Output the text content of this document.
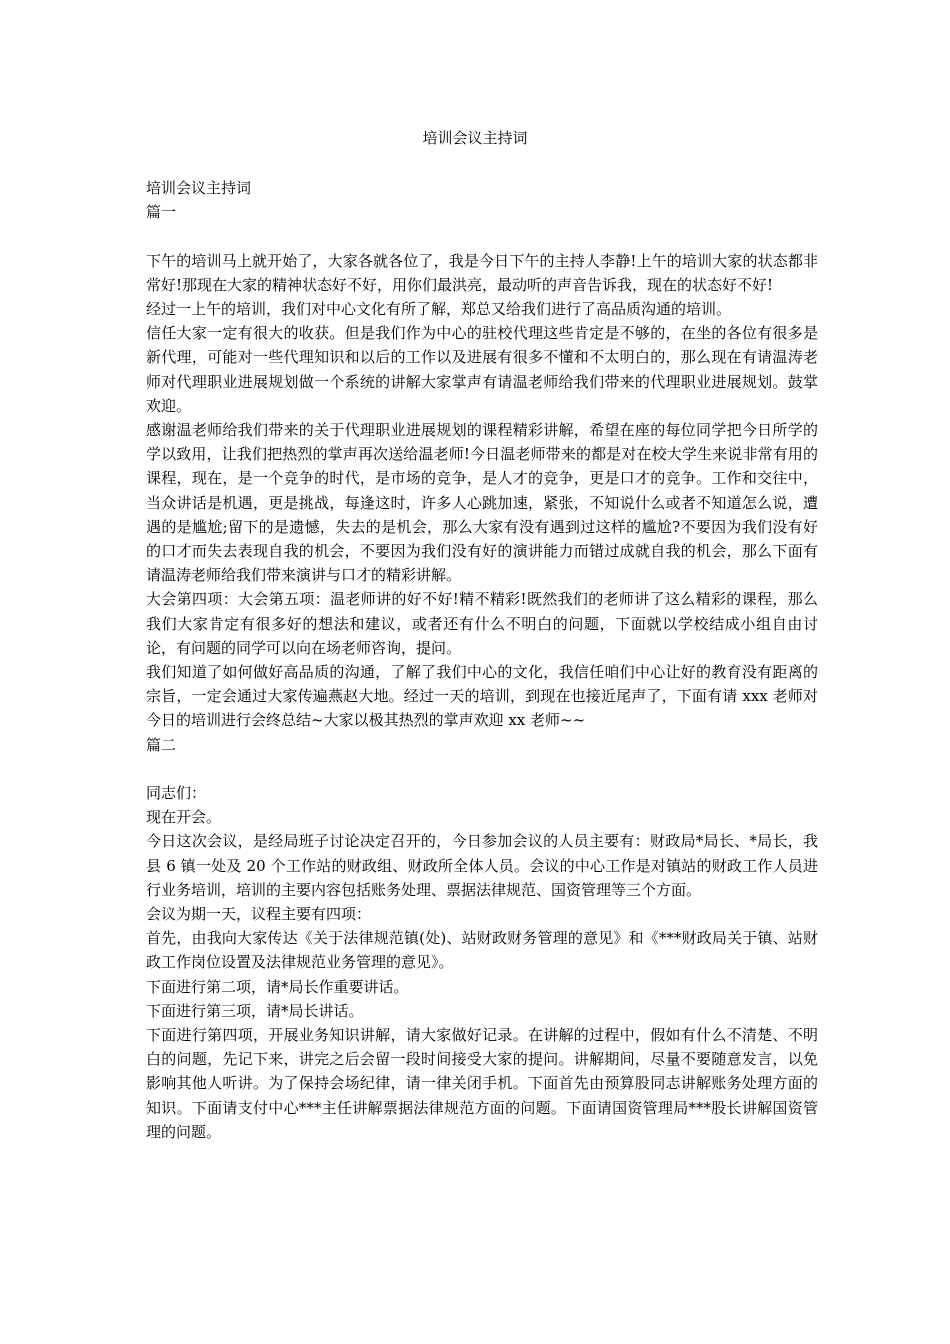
培训会议主持词

培训会议主持词

篇一

下午的培训马上就开始了，大家各就各位了，我是今日下午的主持人李静!上午的培训大家的状态都非常好!那现在大家的精神状态好不好，用你们最洪亮，最动听的声音告诉我，现在的状态好不好!

经过一上午的培训，我们对中心文化有所了解，郑总又给我们进行了高品质沟通的培训。

信任大家一定有很大的收获。但是我们作为中心的驻校代理这些肯定是不够的，在坐的各位有很多是新代理，可能对一些代理知识和以后的工作以及进展有很多不懂和不太明白的，那么现在有请温涛老师对代理职业进展规划做一个系统的讲解大家掌声有请温老师给我们带来的代理职业进展规划。鼓掌欢迎。

感谢温老师给我们带来的关于代理职业进展规划的课程精彩讲解，希望在座的每位同学把今日所学的学以致用，让我们把热烈的掌声再次送给温老师!今日温老师带来的都是对在校大学生来说非常有用的课程，现在，是一个竞争的时代，是市场的竞争，是人才的竞争，更是口才的竞争。工作和交往中，当众讲话是机遇，更是挑战，每逢这时，许多人心跳加速，紧张，不知说什么或者不知道怎么说，遭遇的是尴尬;留下的是遗憾，失去的是机会，那么大家有没有遇到过这样的尴尬?不要因为我们没有好的口才而失去表现自我的机会，不要因为我们没有好的演讲能力而错过成就自我的机会，那么下面有请温涛老师给我们带来演讲与口才的精彩讲解。

大会第四项：大会第五项：温老师讲的好不好!精不精彩!既然我们的老师讲了这么精彩的课程，那么我们大家肯定有很多好的想法和建议，或者还有什么不明白的问题，下面就以学校结成小组自由讨论，有问题的同学可以向在场老师咨询，提问。

我们知道了如何做好高品质的沟通，了解了我们中心的文化，我信任咱们中心让好的教育没有距离的宗旨，一定会通过大家传遍燕赵大地。经过一天的培训，到现在也接近尾声了，下面有请 xxx 老师对今日的培训进行会终总结~大家以极其热烈的掌声欢迎 xx 老师~~

篇二

同志们：

现在开会。

今日这次会议，是经局班子讨论决定召开的，今日参加会议的人员主要有：财政局*局长、*局长，我县 6 镇一处及 20 个工作站的财政组、财政所全体人员。会议的中心工作是对镇站的财政工作人员进行业务培训，培训的主要内容包括账务处理、票据法律规范、国资管理等三个方面。

会议为期一天，议程主要有四项：

首先，由我向大家传达《关于法律规范镇(处)、站财政财务管理的意见》和《***财政局关于镇、站财政工作岗位设置及法律规范业务管理的意见》。

下面进行第二项，请*局长作重要讲话。

下面进行第三项，请*局长讲话。

下面进行第四项，开展业务知识讲解，请大家做好记录。在讲解的过程中，假如有什么不清楚、不明白的问题，先记下来，讲完之后会留一段时间接受大家的提问。讲解期间，尽量不要随意发言，以免影响其他人听讲。为了保持会场纪律，请一律关闭手机。下面首先由预算股同志讲解账务处理方面的知识。下面请支付中心***主任讲解票据法律规范方面的问题。下面请国资管理局***股长讲解国资管理的问题。
